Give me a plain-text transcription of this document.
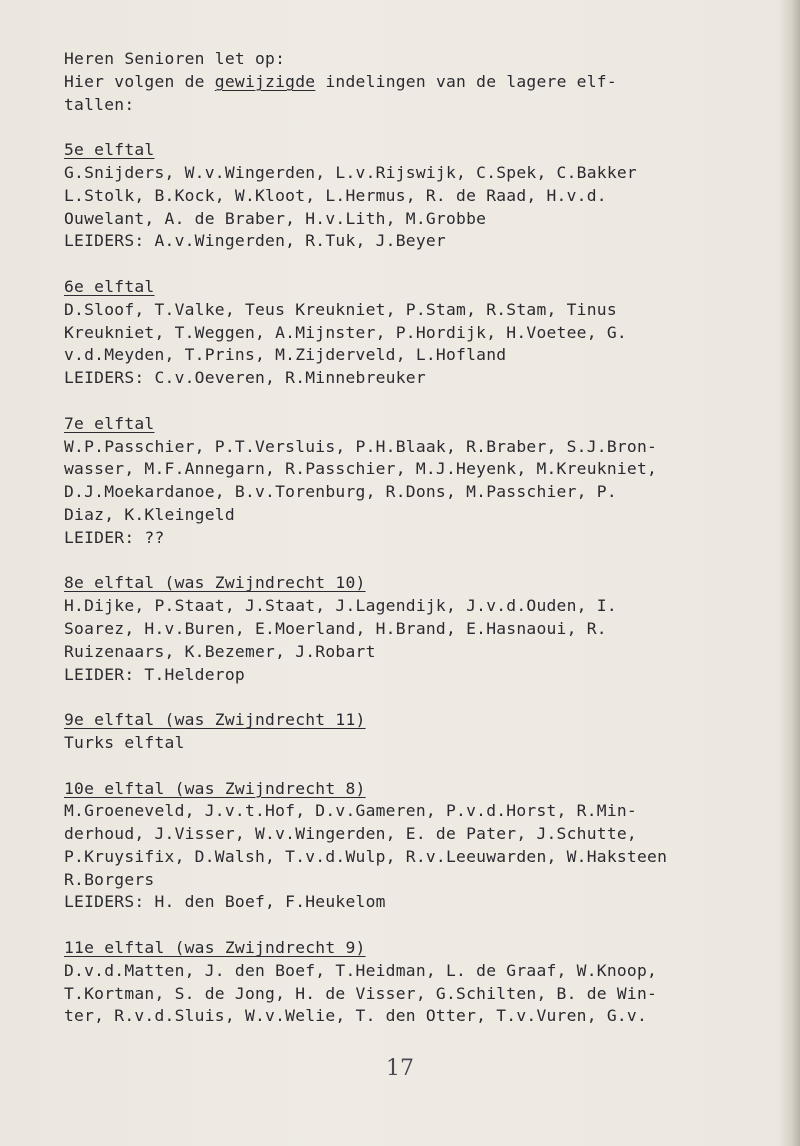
Heren Senioren let op:
Hier volgen de gewijzigde indelingen van de lagere elf-
tallen:
5e elftal
G.Snijders, W.v.Wingerden, L.v.Rijswijk, C.Spek, C.Bakker
L.Stolk, B.Kock, W.Kloot, L.Hermus, R. de Raad, H.v.d.
Ouwelant, A. de Braber, H.v.Lith, M.Grobbe
LEIDERS: A.v.Wingerden, R.Tuk, J.Beyer
6e elftal
D.Sloof, T.Valke, Teus Kreukniet, P.Stam, R.Stam, Tinus
Kreukniet, T.Weggen, A.Mijnster, P.Hordijk, H.Voetee, G.
v.d.Meyden, T.Prins, M.Zijderveld, L.Hofland
LEIDERS: C.v.Oeveren, R.Minnebreuker
7e elftal
W.P.Passchier, P.T.Versluis, P.H.Blaak, R.Braber, S.J.Bron-
wasser, M.F.Annegarn, R.Passchier, M.J.Heyenk, M.Kreukniet,
D.J.Moekardanoe, B.v.Torenburg, R.Dons, M.Passchier, P.
Diaz, K.Kleingeld
LEIDER: ??
8e elftal (was Zwijndrecht 10)
H.Dijke, P.Staat, J.Staat, J.Lagendijk, J.v.d.Ouden, I.
Soarez, H.v.Buren, E.Moerland, H.Brand, E.Hasnaoui, R.
Ruizenaars, K.Bezemer, J.Robart
LEIDER: T.Helderop
9e elftal (was Zwijndrecht 11)
Turks elftal
10e elftal (was Zwijndrecht 8)
M.Groeneveld, J.v.t.Hof, D.v.Gameren, P.v.d.Horst, R.Min-
derhoud, J.Visser, W.v.Wingerden, E. de Pater, J.Schutte,
P.Kruysifix, D.Walsh, T.v.d.Wulp, R.v.Leeuwarden, W.Haksteen
R.Borgers
LEIDERS: H. den Boef, F.Heukelom
11e elftal (was Zwijndrecht 9)
D.v.d.Matten, J. den Boef, T.Heidman, L. de Graaf, W.Knoop,
T.Kortman, S. de Jong, H. de Visser, G.Schilten, B. de Win-
ter, R.v.d.Sluis, W.v.Welie, T. den Otter, T.v.Vuren, G.v.
17
